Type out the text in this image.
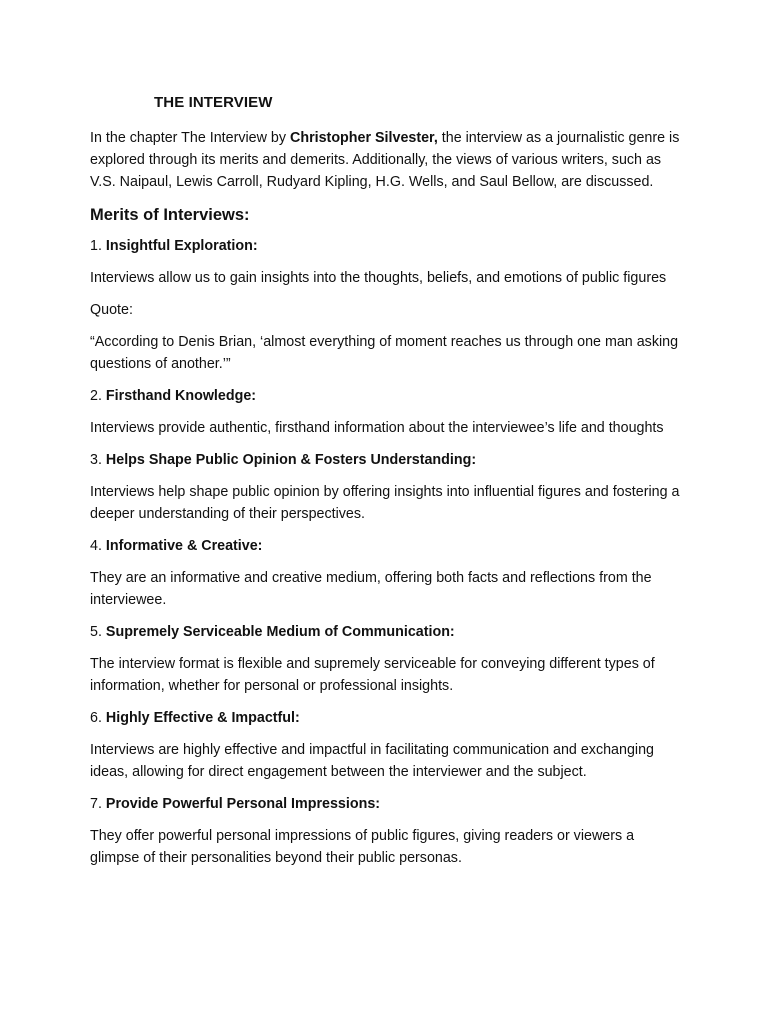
THE INTERVIEW

In the chapter The Interview by Christopher Silvester, the interview as a journalistic genre is explored through its merits and demerits. Additionally, the views of various writers, such as V.S. Naipaul, Lewis Carroll, Rudyard Kipling, H.G. Wells, and Saul Bellow, are discussed.

Merits of Interviews:

1. Insightful Exploration:

Interviews allow us to gain insights into the thoughts, beliefs, and emotions of public figures

Quote:

“According to Denis Brian, ‘almost everything of moment reaches us through one man asking questions of another.’”

2. Firsthand Knowledge:

Interviews provide authentic, firsthand information about the interviewee’s life and thoughts

3. Helps Shape Public Opinion & Fosters Understanding:

Interviews help shape public opinion by offering insights into influential figures and fostering a deeper understanding of their perspectives.

4. Informative & Creative:

They are an informative and creative medium, offering both facts and reflections from the interviewee.

5. Supremely Serviceable Medium of Communication:

The interview format is flexible and supremely serviceable for conveying different types of information, whether for personal or professional insights.

6. Highly Effective & Impactful:

Interviews are highly effective and impactful in facilitating communication and exchanging ideas, allowing for direct engagement between the interviewer and the subject.

7. Provide Powerful Personal Impressions:

They offer powerful personal impressions of public figures, giving readers or viewers a glimpse of their personalities beyond their public personas.
